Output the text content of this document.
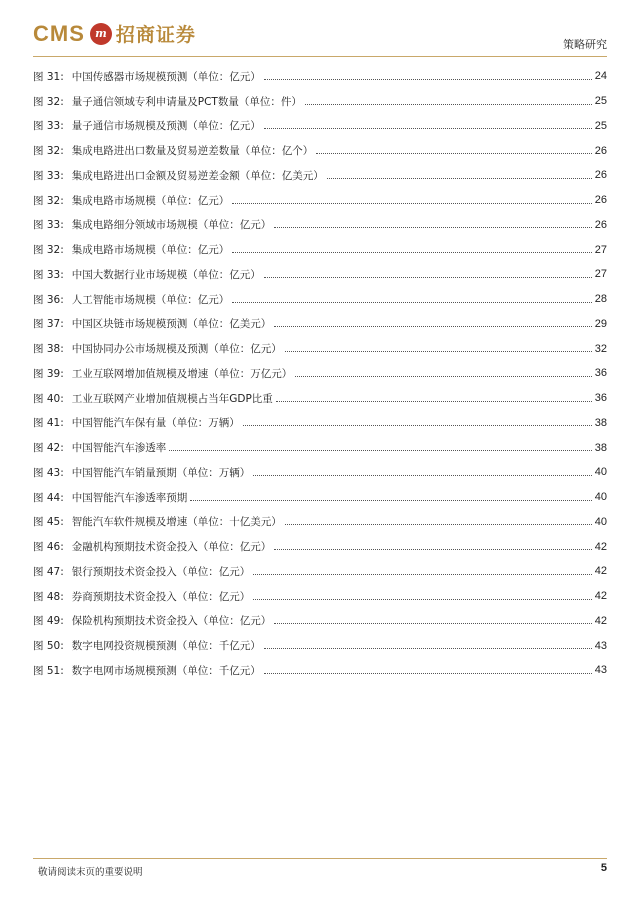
CMS m 招商证券	策略研究
图 31: 中国传感器市场规模预测（单位：亿元）	24
图 32: 量子通信领域专利申请量及PCT数量（单位：件）	25
图 33: 量子通信市场规模及预测（单位：亿元）	25
图 32: 集成电路进出口数量及贸易逆差数量（单位：亿个）	26
图 33: 集成电路进出口金额及贸易逆差金额（单位：亿美元）	26
图 32: 集成电路市场规模（单位：亿元）	26
图 33: 集成电路细分领域市场规模（单位：亿元）	26
图 32: 集成电路市场规模（单位：亿元）	27
图 33: 中国大数据行业市场规模（单位：亿元）	27
图 36: 人工智能市场规模（单位：亿元）	28
图 37: 中国区块链市场规模预测（单位：亿美元）	29
图 38: 中国协同办公市场规模及预测（单位：亿元）	32
图 39: 工业互联网增加值规模及增速（单位：万亿元）	36
图 40: 工业互联网产业增加值规模占当年GDP比重	36
图 41: 中国智能汽车保有量（单位：万辆）	38
图 42: 中国智能汽车渗透率	38
图 43: 中国智能汽车销量预期（单位：万辆）	40
图 44: 中国智能汽车渗透率预期	40
图 45: 智能汽车软件规模及增速（单位：十亿美元）	40
图 46: 金融机构预期技术资金投入（单位：亿元）	42
图 47: 银行预期技术资金投入（单位：亿元）	42
图 48: 券商预期技术资金投入（单位：亿元）	42
图 49: 保险机构预期技术资金投入（单位：亿元）	42
图 50: 数字电网投资规模预测（单位：千亿元）	43
图 51: 数字电网市场规模预测（单位：千亿元）	43
敬请阅读末页的重要说明	5
